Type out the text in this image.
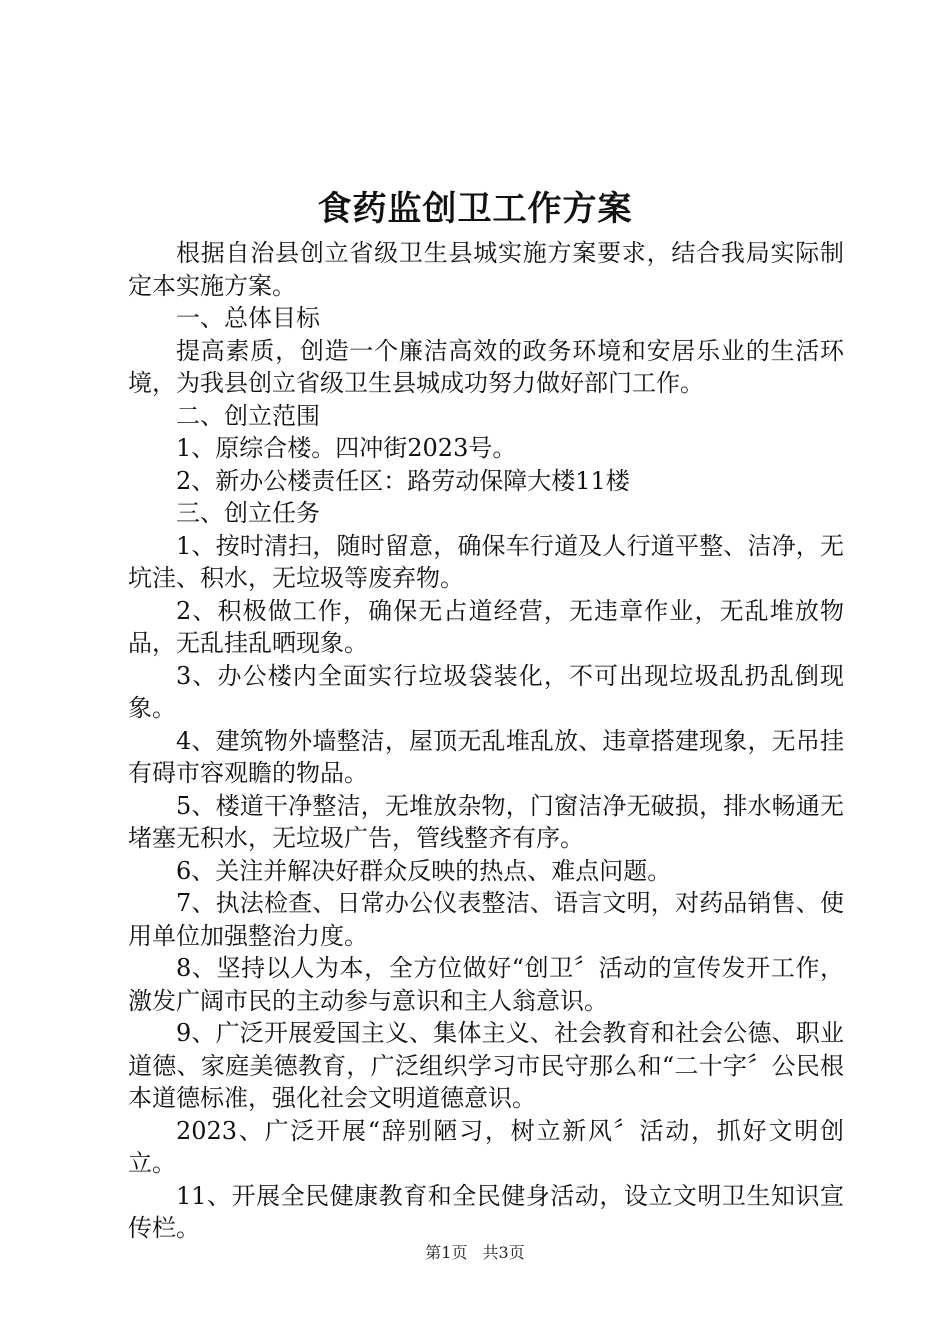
食药监创卫工作方案

根据自治县创立省级卫生县城实施方案要求，结合我局实际制定本实施方案。

一、总体目标

提高素质，创造一个廉洁高效的政务环境和安居乐业的生活环境，为我县创立省级卫生县城成功努力做好部门工作。

二、创立范围

1、原综合楼。四冲街2023号。

2、新办公楼责任区：路劳动保障大楼11楼

三、创立任务

1、按时清扫，随时留意，确保车行道及人行道平整、洁净，无坑洼、积水，无垃圾等废弃物。

2、积极做工作，确保无占道经营，无违章作业，无乱堆放物品，无乱挂乱晒现象。

3、办公楼内全面实行垃圾袋装化，不可出现垃圾乱扔乱倒现象。

4、建筑物外墙整洁，屋顶无乱堆乱放、违章搭建现象，无吊挂有碍市容观瞻的物品。

5、楼道干净整洁，无堆放杂物，门窗洁净无破损，排水畅通无堵塞无积水，无垃圾广告，管线整齐有序。

6、关注并解决好群众反映的热点、难点问题。

7、执法检查、日常办公仪表整洁、语言文明，对药品销售、使用单位加强整治力度。

8、坚持以人为本，全方位做好“创卫〞活动的宣传发开工作，激发广阔市民的主动参与意识和主人翁意识。

9、广泛开展爱国主义、集体主义、社会教育和社会公德、职业道德、家庭美德教育，广泛组织学习市民守那么和“二十字〞公民根本道德标准，强化社会文明道德意识。

2023、广泛开展“辞别陋习，树立新风〞活动，抓好文明创立。

11、开展全民健康教育和全民健身活动，设立文明卫生知识宣传栏。

第1页 共3页
